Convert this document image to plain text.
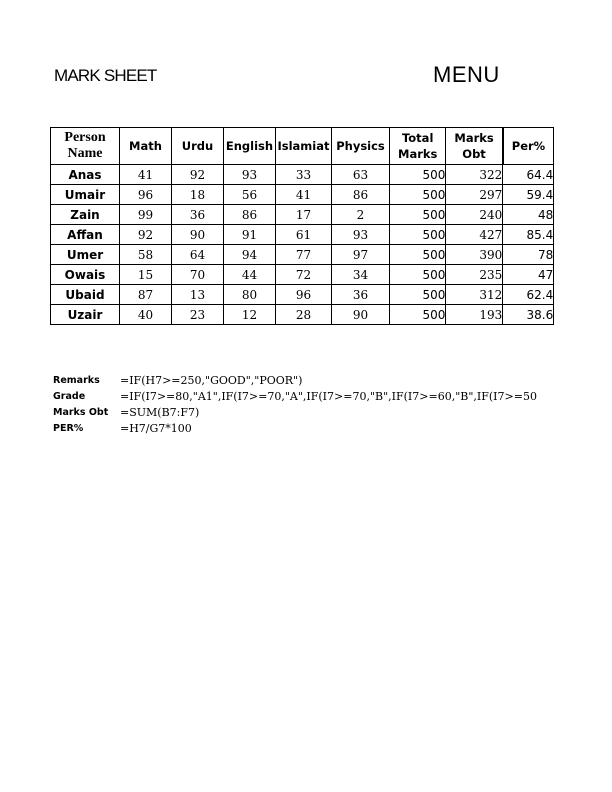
MARK SHEET	MENU
Person Name	Math	Urdu	English	Islamiat	Physics	Total Marks	Marks Obt	Per%
Anas	41	92	93	33	63	500	322	64.4
Umair	96	18	56	41	86	500	297	59.4
Zain	99	36	86	17	2	500	240	48
Affan	92	90	91	61	93	500	427	85.4
Umer	58	64	94	77	97	500	390	78
Owais	15	70	44	72	34	500	235	47
Ubaid	87	13	80	96	36	500	312	62.4
Uzair	40	23	12	28	90	500	193	38.6
Remarks	=IF(H7>=250,"GOOD","POOR")
Grade	=IF(I7>=80,"A1",IF(I7>=70,"A",IF(I7>=70,"B",IF(I7>=60,"B",IF(I7>=50
Marks Obt	=SUM(B7:F7)
PER%	=H7/G7*100
